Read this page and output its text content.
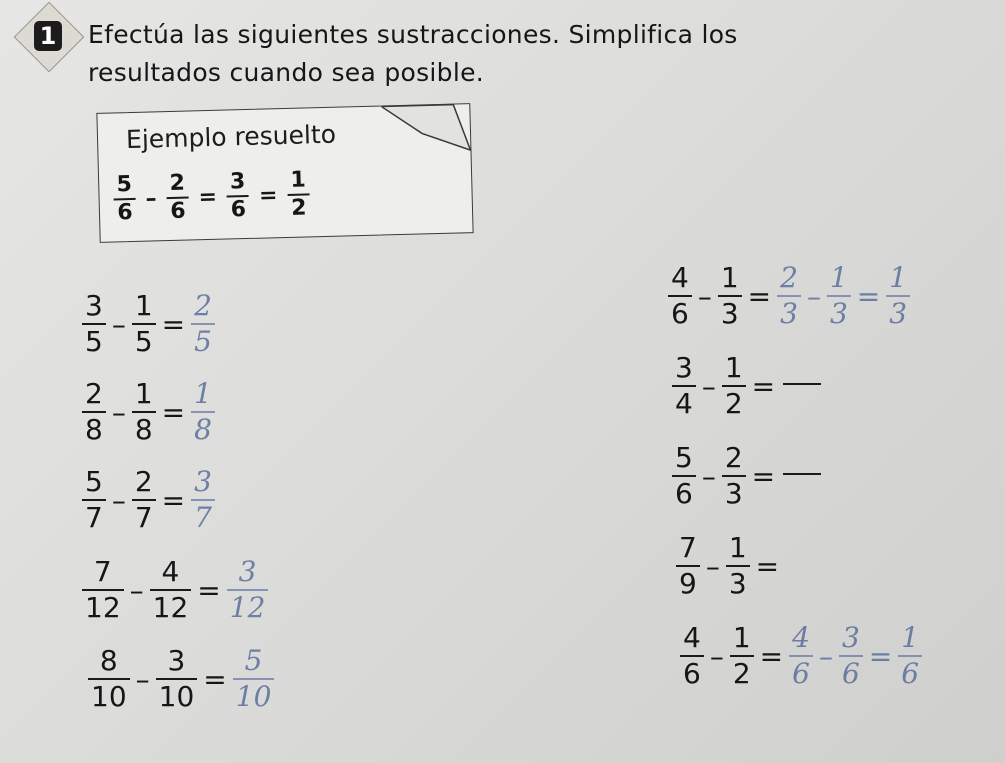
1 Efectúa las siguientes sustracciones. Simplifica los resultados cuando sea posible.
Ejemplo resuelto
$\frac{5}{6} - \frac{2}{6} = \frac{3}{6} = \frac{1}{2}$
$\frac{3}{5} - \frac{1}{5} = \frac{2}{5}$
$\frac{2}{8} - \frac{1}{8} = \frac{1}{8}$
$\frac{5}{7} - \frac{2}{7} = \frac{3}{7}$
$\frac{7}{12} - \frac{4}{12} = \frac{3}{12}$
$\frac{8}{10} - \frac{3}{10} = \frac{5}{10}$
$\frac{4}{6} - \frac{1}{3} = \frac{2}{3} - \frac{1}{3} = \frac{1}{3}$
$\frac{3}{4} - \frac{1}{2}$ =
$\frac{5}{6} - \frac{2}{3}$ =
$\frac{7}{9} - \frac{1}{3}$ =
$\frac{4}{6} - \frac{1}{2} = \frac{4}{6} - \frac{3}{6} = \frac{1}{6}$
